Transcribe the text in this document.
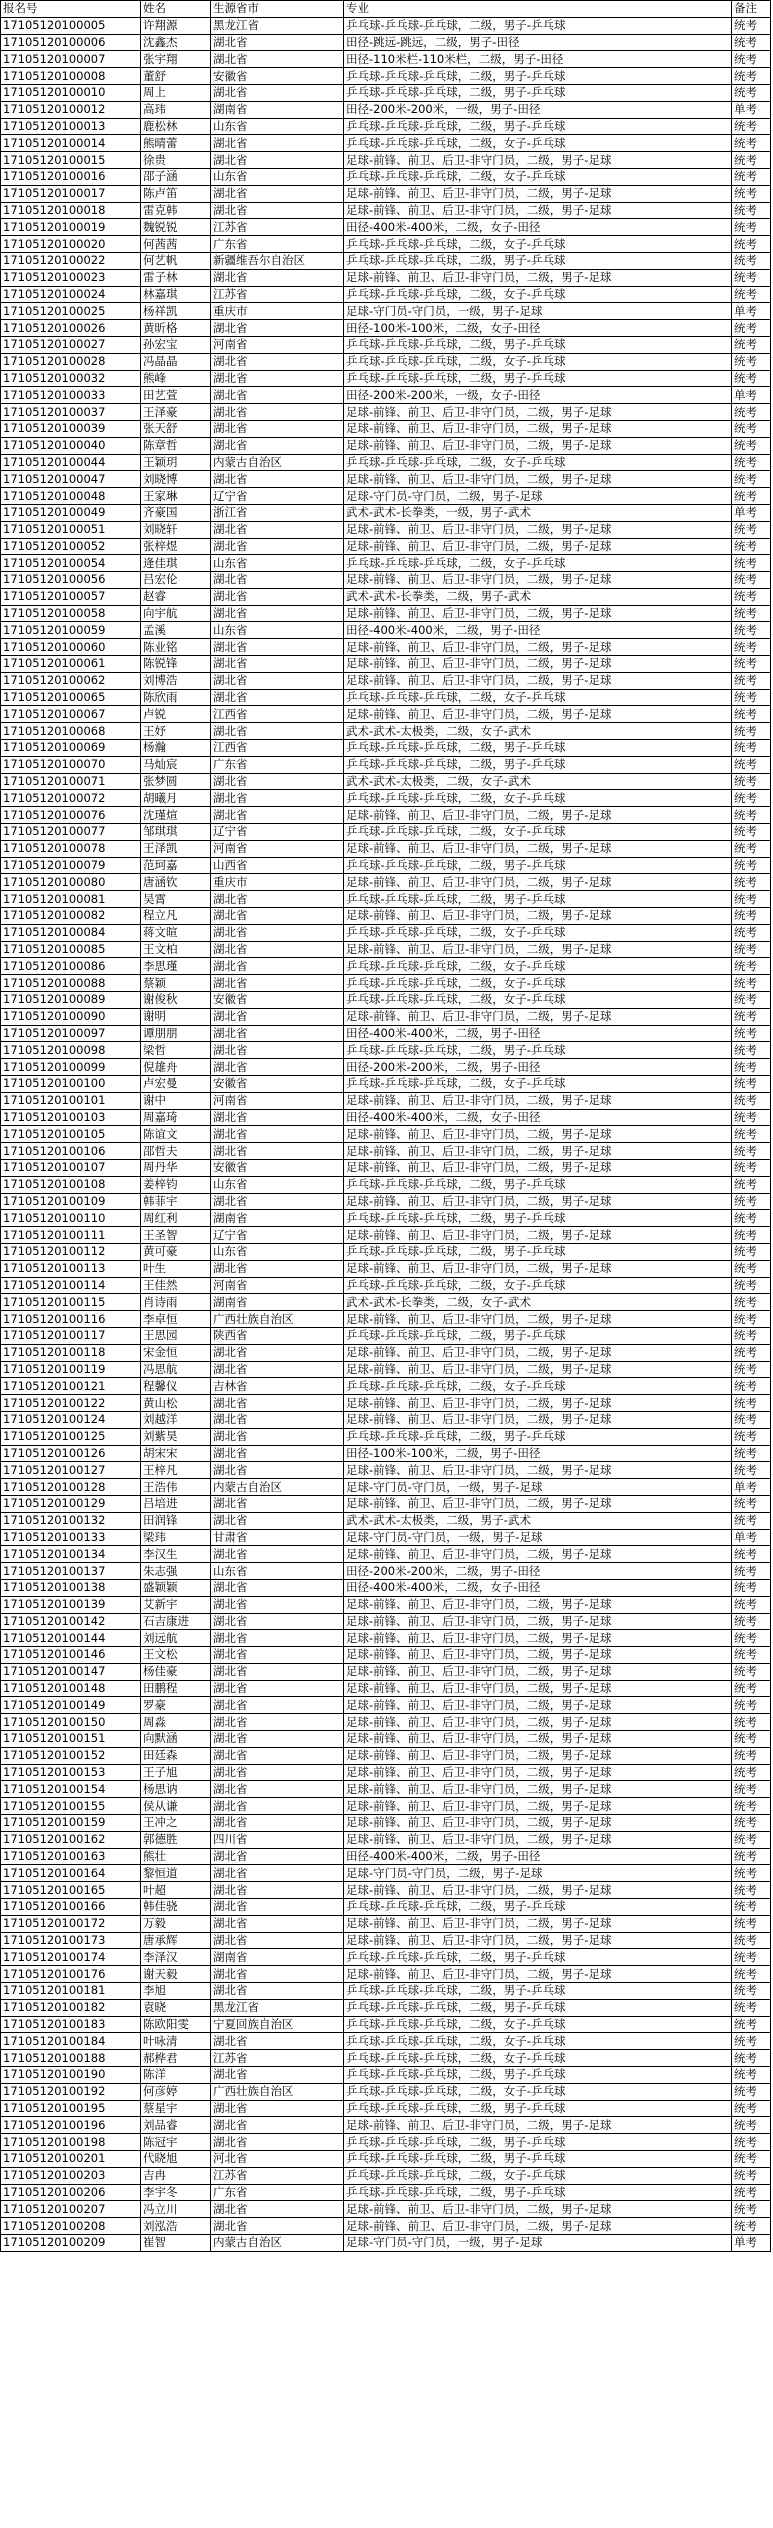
报名号	姓名	生源省市	专业	备注
17105120100005	许翔源	黑龙江省	乒乓球-乒乓球-乒乓球，二级，男子-乒乓球	统考
17105120100006	沈鑫杰	湖北省	田径-跳远-跳远，二级，男子-田径	统考
17105120100007	张宇翔	湖北省	田径-110米栏-110米栏，二级，男子-田径	统考
17105120100008	董舒	安徽省	乒乓球-乒乓球-乒乓球，二级，男子-乒乓球	统考
17105120100010	周上	湖北省	乒乓球-乒乓球-乒乓球，二级，男子-乒乓球	统考
17105120100012	高玮	湖南省	田径-200米-200米，一级，男子-田径	单考
17105120100013	鹿松林	山东省	乒乓球-乒乓球-乒乓球，二级，男子-乒乓球	统考
17105120100014	熊晴蕾	湖北省	乒乓球-乒乓球-乒乓球，二级，女子-乒乓球	统考
17105120100015	徐贵	湖北省	足球-前锋、前卫、后卫-非守门员，二级，男子-足球	统考
17105120100016	邵子涵	山东省	乒乓球-乒乓球-乒乓球，二级，女子-乒乓球	统考
17105120100017	陈卢笛	湖北省	足球-前锋、前卫、后卫-非守门员，二级，男子-足球	统考
17105120100018	雷克韩	湖北省	足球-前锋、前卫、后卫-非守门员，二级，男子-足球	统考
17105120100019	魏锐锐	江苏省	田径-400米-400米，二级，女子-田径	统考
17105120100020	何茜茜	广东省	乒乓球-乒乓球-乒乓球，二级，女子-乒乓球	统考
17105120100022	何艺帆	新疆维吾尔自治区	乒乓球-乒乓球-乒乓球，二级，男子-乒乓球	统考
17105120100023	雷子林	湖北省	足球-前锋、前卫、后卫-非守门员，二级，男子-足球	统考
17105120100024	林嘉琪	江苏省	乒乓球-乒乓球-乒乓球，二级，女子-乒乓球	统考
17105120100025	杨祥凯	重庆市	足球-守门员-守门员，一级，男子-足球	单考
17105120100026	黄昕格	湖北省	田径-100米-100米，二级，女子-田径	统考
17105120100027	孙宏宝	河南省	乒乓球-乒乓球-乒乓球，二级，男子-乒乓球	统考
17105120100028	冯晶晶	湖北省	乒乓球-乒乓球-乒乓球，二级，女子-乒乓球	统考
17105120100032	熊峰	湖北省	乒乓球-乒乓球-乒乓球，二级，男子-乒乓球	统考
17105120100033	田艺萱	湖北省	田径-200米-200米，一级，女子-田径	单考
17105120100037	王泽豪	湖北省	足球-前锋、前卫、后卫-非守门员，二级，男子-足球	统考
17105120100039	张天舒	湖北省	足球-前锋、前卫、后卫-非守门员，二级，男子-足球	统考
17105120100040	陈章哲	湖北省	足球-前锋、前卫、后卫-非守门员，二级，男子-足球	统考
17105120100044	王颖玥	内蒙古自治区	乒乓球-乒乓球-乒乓球，二级，女子-乒乓球	统考
17105120100047	刘晓博	湖北省	足球-前锋、前卫、后卫-非守门员，二级，男子-足球	统考
17105120100048	王家琳	辽宁省	足球-守门员-守门员，二级，男子-足球	统考
17105120100049	齐豪国	浙江省	武术-武术-长拳类，一级，男子-武术	单考
17105120100051	刘晓轩	湖北省	足球-前锋、前卫、后卫-非守门员，二级，男子-足球	统考
17105120100052	张梓煜	湖北省	足球-前锋、前卫、后卫-非守门员，二级，男子-足球	统考
17105120100054	逄佳琪	山东省	乒乓球-乒乓球-乒乓球，二级，女子-乒乓球	统考
17105120100056	吕宏伦	湖北省	足球-前锋、前卫、后卫-非守门员，二级，男子-足球	统考
17105120100057	赵睿	湖北省	武术-武术-长拳类，二级，男子-武术	统考
17105120100058	向宇航	湖北省	足球-前锋、前卫、后卫-非守门员，二级，男子-足球	统考
17105120100059	孟溪	山东省	田径-400米-400米，二级，男子-田径	统考
17105120100060	陈业铭	湖北省	足球-前锋、前卫、后卫-非守门员，二级，男子-足球	统考
17105120100061	陈锐锋	湖北省	足球-前锋、前卫、后卫-非守门员，二级，男子-足球	统考
17105120100062	刘博浩	湖北省	足球-前锋、前卫、后卫-非守门员，二级，男子-足球	统考
17105120100065	陈欣雨	湖北省	乒乓球-乒乓球-乒乓球，二级，女子-乒乓球	统考
17105120100067	卢锐	江西省	足球-前锋、前卫、后卫-非守门员，二级，男子-足球	统考
17105120100068	王妤	湖北省	武术-武术-太极类，二级，女子-武术	统考
17105120100069	杨瀚	江西省	乒乓球-乒乓球-乒乓球，二级，男子-乒乓球	统考
17105120100070	马灿宸	广东省	乒乓球-乒乓球-乒乓球，二级，男子-乒乓球	统考
17105120100071	张梦圆	湖北省	武术-武术-太极类，二级，女子-武术	统考
17105120100072	胡曦月	湖北省	乒乓球-乒乓球-乒乓球，二级，女子-乒乓球	统考
17105120100076	沈瑾煊	湖北省	足球-前锋、前卫、后卫-非守门员，二级，男子-足球	统考
17105120100077	邹琪琪	辽宁省	乒乓球-乒乓球-乒乓球，二级，女子-乒乓球	统考
17105120100078	王泽凯	河南省	足球-前锋、前卫、后卫-非守门员，二级，男子-足球	统考
17105120100079	范珂嘉	山西省	乒乓球-乒乓球-乒乓球，二级，男子-乒乓球	统考
17105120100080	唐涵钦	重庆市	足球-前锋、前卫、后卫-非守门员，二级，男子-足球	统考
17105120100081	吴霄	湖北省	乒乓球-乒乓球-乒乓球，二级，男子-乒乓球	统考
17105120100082	程立凡	湖北省	足球-前锋、前卫、后卫-非守门员，二级，男子-足球	统考
17105120100084	蒋文暄	湖北省	乒乓球-乒乓球-乒乓球，二级，女子-乒乓球	统考
17105120100085	王文柏	湖北省	足球-前锋、前卫、后卫-非守门员，二级，男子-足球	统考
17105120100086	李思瑾	湖北省	乒乓球-乒乓球-乒乓球，二级，女子-乒乓球	统考
17105120100088	蔡颖	湖北省	乒乓球-乒乓球-乒乓球，二级，女子-乒乓球	统考
17105120100089	谢俊秋	安徽省	乒乓球-乒乓球-乒乓球，二级，女子-乒乓球	统考
17105120100090	谢明	湖北省	足球-前锋、前卫、后卫-非守门员，二级，男子-足球	统考
17105120100097	谭朋朋	湖北省	田径-400米-400米，二级，男子-田径	统考
17105120100098	梁哲	湖北省	乒乓球-乒乓球-乒乓球，二级，男子-乒乓球	统考
17105120100099	倪雄舟	湖北省	田径-200米-200米，二级，男子-田径	统考
17105120100100	卢宏曼	安徽省	乒乓球-乒乓球-乒乓球，二级，女子-乒乓球	统考
17105120100101	谢中	河南省	足球-前锋、前卫、后卫-非守门员，二级，男子-足球	统考
17105120100103	周嘉琦	湖北省	田径-400米-400米，二级，女子-田径	统考
17105120100105	陈谊文	湖北省	足球-前锋、前卫、后卫-非守门员，二级，男子-足球	统考
17105120100106	邵哲夫	湖北省	足球-前锋、前卫、后卫-非守门员，二级，男子-足球	统考
17105120100107	周丹华	安徽省	足球-前锋、前卫、后卫-非守门员，二级，男子-足球	统考
17105120100108	姜梓钧	山东省	乒乓球-乒乓球-乒乓球，二级，男子-乒乓球	统考
17105120100109	韩菲宇	湖北省	足球-前锋、前卫、后卫-非守门员，二级，男子-足球	统考
17105120100110	周红利	湖南省	乒乓球-乒乓球-乒乓球，二级，男子-乒乓球	统考
17105120100111	王圣智	辽宁省	足球-前锋、前卫、后卫-非守门员，二级，男子-足球	统考
17105120100112	黄可豪	山东省	乒乓球-乒乓球-乒乓球，二级，男子-乒乓球	统考
17105120100113	叶生	湖北省	足球-前锋、前卫、后卫-非守门员，二级，男子-足球	统考
17105120100114	王佳然	河南省	乒乓球-乒乓球-乒乓球，二级，女子-乒乓球	统考
17105120100115	肖诗雨	湖南省	武术-武术-长拳类，二级，女子-武术	统考
17105120100116	李卓恒	广西壮族自治区	足球-前锋、前卫、后卫-非守门员，二级，男子-足球	统考
17105120100117	王思园	陕西省	乒乓球-乒乓球-乒乓球，二级，男子-乒乓球	统考
17105120100118	宋金恒	湖北省	足球-前锋、前卫、后卫-非守门员，二级，男子-足球	统考
17105120100119	冯思航	湖北省	足球-前锋、前卫、后卫-非守门员，二级，男子-足球	统考
17105120100121	程馨仪	吉林省	乒乓球-乒乓球-乒乓球，二级，女子-乒乓球	统考
17105120100122	黄山松	湖北省	足球-前锋、前卫、后卫-非守门员，二级，男子-足球	统考
17105120100124	刘越洋	湖北省	足球-前锋、前卫、后卫-非守门员，二级，男子-足球	统考
17105120100125	刘紫昊	湖北省	乒乓球-乒乓球-乒乓球，二级，男子-乒乓球	统考
17105120100126	胡宋宋	湖北省	田径-100米-100米，二级，男子-田径	统考
17105120100127	王梓凡	湖北省	足球-前锋、前卫、后卫-非守门员，二级，男子-足球	统考
17105120100128	王浩伟	内蒙古自治区	足球-守门员-守门员，一级，男子-足球	单考
17105120100129	吕培进	湖北省	足球-前锋、前卫、后卫-非守门员，二级，男子-足球	统考
17105120100132	田润锋	湖北省	武术-武术-太极类，二级，男子-武术	统考
17105120100133	梁玮	甘肃省	足球-守门员-守门员，一级，男子-足球	单考
17105120100134	李汉生	湖北省	足球-前锋、前卫、后卫-非守门员，二级，男子-足球	统考
17105120100137	朱志强	山东省	田径-200米-200米，二级，男子-田径	统考
17105120100138	盛颖颖	湖北省	田径-400米-400米，二级，女子-田径	统考
17105120100139	艾新宇	湖北省	足球-前锋、前卫、后卫-非守门员，二级，男子-足球	统考
17105120100142	石吉康进	湖北省	足球-前锋、前卫、后卫-非守门员，二级，男子-足球	统考
17105120100144	刘远航	湖北省	足球-前锋、前卫、后卫-非守门员，二级，男子-足球	统考
17105120100146	王文松	湖北省	足球-前锋、前卫、后卫-非守门员，二级，男子-足球	统考
17105120100147	杨佳豪	湖北省	足球-前锋、前卫、后卫-非守门员，二级，男子-足球	统考
17105120100148	田鹏程	湖北省	足球-前锋、前卫、后卫-非守门员，二级，男子-足球	统考
17105120100149	罗豪	湖北省	足球-前锋、前卫、后卫-非守门员，二级，男子-足球	统考
17105120100150	周淼	湖北省	足球-前锋、前卫、后卫-非守门员，二级，男子-足球	统考
17105120100151	向默涵	湖北省	足球-前锋、前卫、后卫-非守门员，二级，男子-足球	统考
17105120100152	田廷森	湖北省	足球-前锋、前卫、后卫-非守门员，二级，男子-足球	统考
17105120100153	王子旭	湖北省	足球-前锋、前卫、后卫-非守门员，二级，男子-足球	统考
17105120100154	杨思讷	湖北省	足球-前锋、前卫、后卫-非守门员，二级，男子-足球	统考
17105120100155	侯从谦	湖北省	足球-前锋、前卫、后卫-非守门员，二级，男子-足球	统考
17105120100159	王冲之	湖北省	足球-前锋、前卫、后卫-非守门员，二级，男子-足球	统考
17105120100162	郭德胜	四川省	足球-前锋、前卫、后卫-非守门员，二级，男子-足球	统考
17105120100163	熊壮	湖北省	田径-400米-400米，二级，男子-田径	统考
17105120100164	黎恒道	湖北省	足球-守门员-守门员，二级，男子-足球	统考
17105120100165	叶超	湖北省	足球-前锋、前卫、后卫-非守门员，二级，男子-足球	统考
17105120100166	韩佳骁	湖北省	乒乓球-乒乓球-乒乓球，二级，男子-乒乓球	统考
17105120100172	万毅	湖北省	足球-前锋、前卫、后卫-非守门员，二级，男子-足球	统考
17105120100173	唐承辉	湖北省	足球-前锋、前卫、后卫-非守门员，二级，男子-足球	统考
17105120100174	李泽汉	湖南省	乒乓球-乒乓球-乒乓球，二级，男子-乒乓球	统考
17105120100176	谢天毅	湖北省	足球-前锋、前卫、后卫-非守门员，二级，男子-足球	统考
17105120100181	李旭	湖北省	乒乓球-乒乓球-乒乓球，二级，男子-乒乓球	统考
17105120100182	袁晓	黑龙江省	乒乓球-乒乓球-乒乓球，二级，男子-乒乓球	统考
17105120100183	陈欧阳雯	宁夏回族自治区	乒乓球-乒乓球-乒乓球，二级，女子-乒乓球	统考
17105120100184	叶咏清	湖北省	乒乓球-乒乓球-乒乓球，二级，女子-乒乓球	统考
17105120100188	郝桦君	江苏省	乒乓球-乒乓球-乒乓球，二级，女子-乒乓球	统考
17105120100190	陈洋	湖北省	乒乓球-乒乓球-乒乓球，二级，男子-乒乓球	统考
17105120100192	何彦婷	广西壮族自治区	乒乓球-乒乓球-乒乓球，二级，女子-乒乓球	统考
17105120100195	蔡星宇	湖北省	乒乓球-乒乓球-乒乓球，二级，男子-乒乓球	统考
17105120100196	刘品睿	湖北省	足球-前锋、前卫、后卫-非守门员，二级，男子-足球	统考
17105120100198	陈冠宇	湖北省	乒乓球-乒乓球-乒乓球，二级，男子-乒乓球	统考
17105120100201	代晓旭	河北省	乒乓球-乒乓球-乒乓球，二级，男子-乒乓球	统考
17105120100203	吉冉	江苏省	乒乓球-乒乓球-乒乓球，二级，女子-乒乓球	统考
17105120100206	李宇冬	广东省	乒乓球-乒乓球-乒乓球，二级，男子-乒乓球	统考
17105120100207	冯立川	湖北省	足球-前锋、前卫、后卫-非守门员，二级，男子-足球	统考
17105120100208	刘泓浩	湖北省	足球-前锋、前卫、后卫-非守门员，二级，男子-足球	统考
17105120100209	崔智	内蒙古自治区	足球-守门员-守门员，一级，男子-足球	单考
